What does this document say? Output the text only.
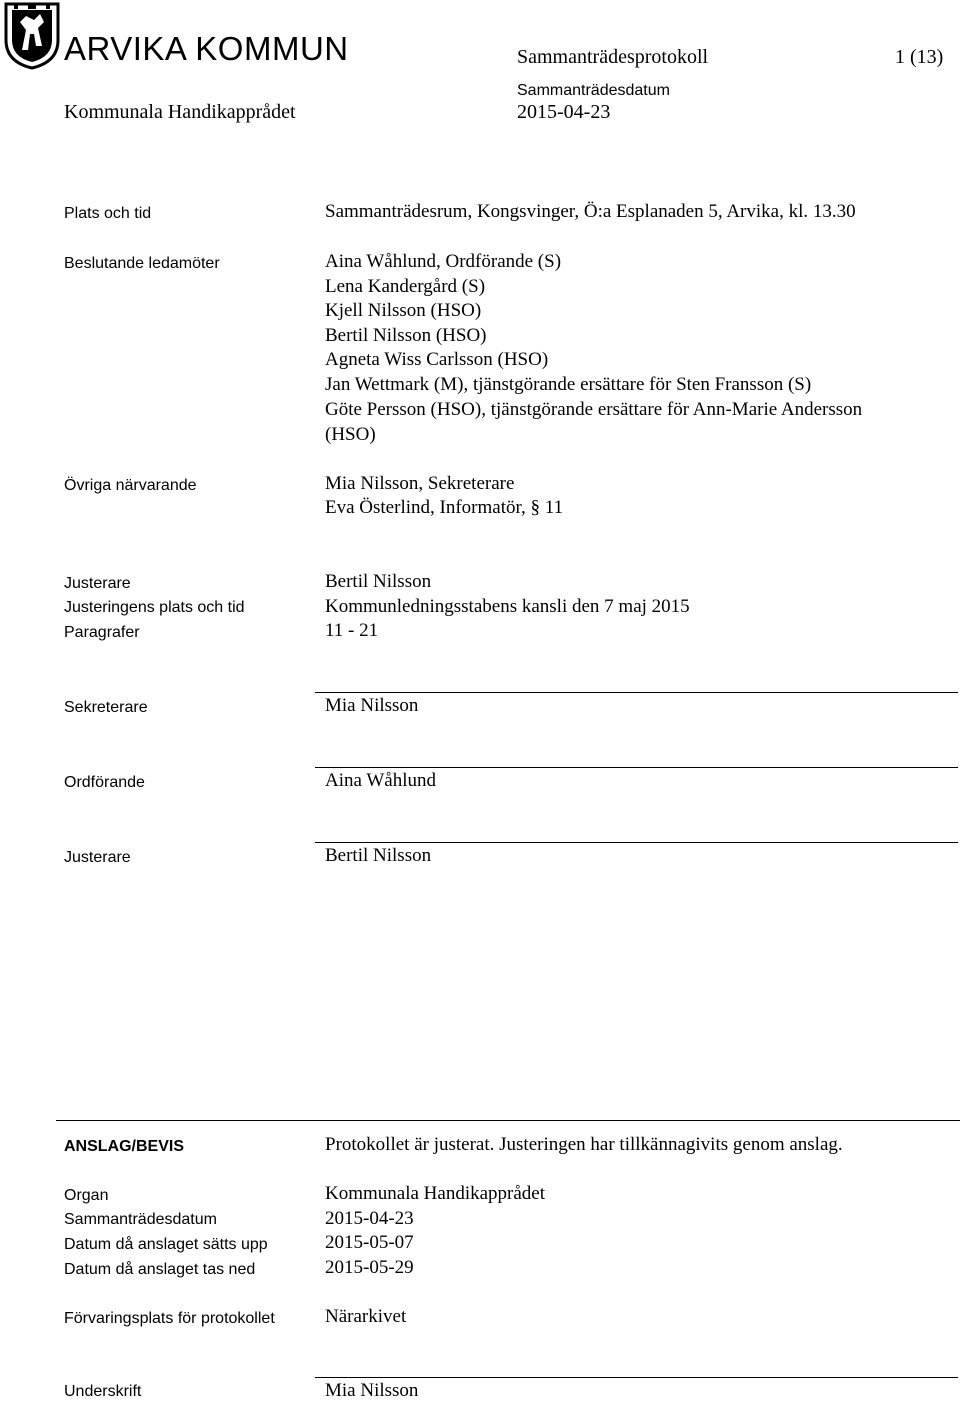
ARVIKA KOMMUN	Sammanträdesprotokoll	1 (13)
Kommunala Handikapprådet
Sammanträdesdatum
2015-04-23
Plats och tid	Sammanträdesrum, Kongsvinger, Ö:a Esplanaden 5, Arvika, kl. 13.30
Beslutande ledamöter	Aina Wåhlund, Ordförande (S)
Lena Kandergård (S)
Kjell Nilsson (HSO)
Bertil Nilsson (HSO)
Agneta Wiss Carlsson (HSO)
Jan Wettmark (M), tjänstgörande ersättare för Sten Fransson (S)
Göte Persson (HSO), tjänstgörande ersättare för Ann-Marie Andersson
(HSO)
Övriga närvarande	Mia Nilsson, Sekreterare
Eva Österlind, Informatör, § 11
Justerare	Bertil Nilsson
Justeringens plats och tid	Kommunledningsstabens kansli den 7 maj 2015
Paragrafer	11 - 21
Sekreterare	Mia Nilsson
Ordförande	Aina Wåhlund
Justerare	Bertil Nilsson
ANSLAG/BEVIS	Protokollet är justerat. Justeringen har tillkännagivits genom anslag.
Organ	Kommunala Handikapprådet
Sammanträdesdatum	2015-04-23
Datum då anslaget sätts upp	2015-05-07
Datum då anslaget tas ned	2015-05-29
Förvaringsplats för protokollet	Närarkivet
Underskrift	Mia Nilsson
